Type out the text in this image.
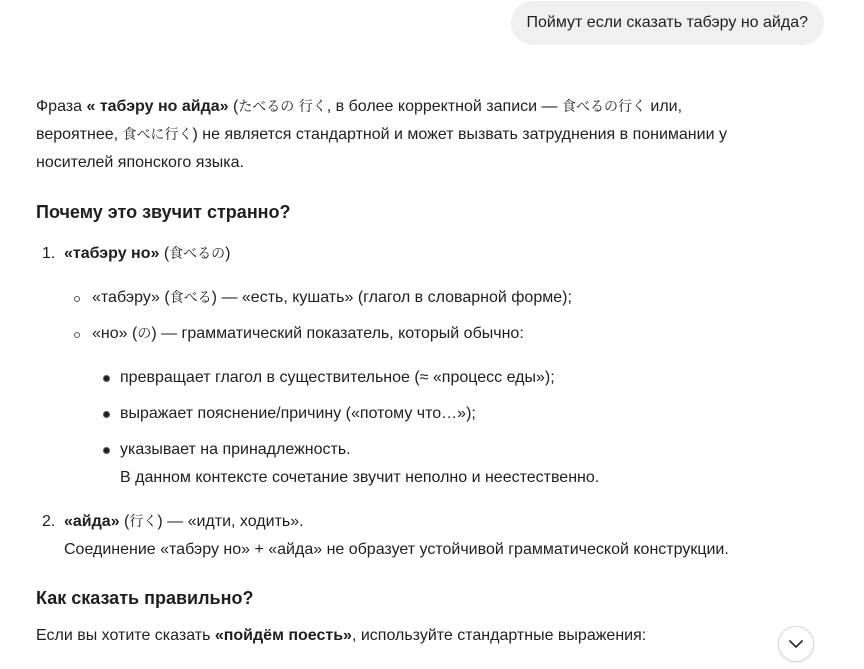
Поймут если сказать табэру но айда?

Фраза « табэру но айда» (たべるの 行く, в более корректной записи — 食べるの行く или, вероятнее, 食べに行く) не является стандартной и может вызвать затруднения в понимании у носителей японского языка.

Почему это звучит странно?
1. «табэру но» (食べるの)
«табэру» (食べる) — «есть, кушать» (глагол в словарной форме);
«но» (の) — грамматический показатель, который обычно:
превращает глагол в существительное (≈ «процесс еды»);
выражает пояснение/причину («потому что…»);
указывает на принадлежность.
В данном контексте сочетание звучит неполно и неестественно.
2. «айда» (行く) — «идти, ходить».
Соединение «табэру но» + «айда» не образует устойчивой грамматической конструкции.
Как сказать правильно?

Если вы хотите сказать «пойдём поесть», используйте стандартные выражения:
